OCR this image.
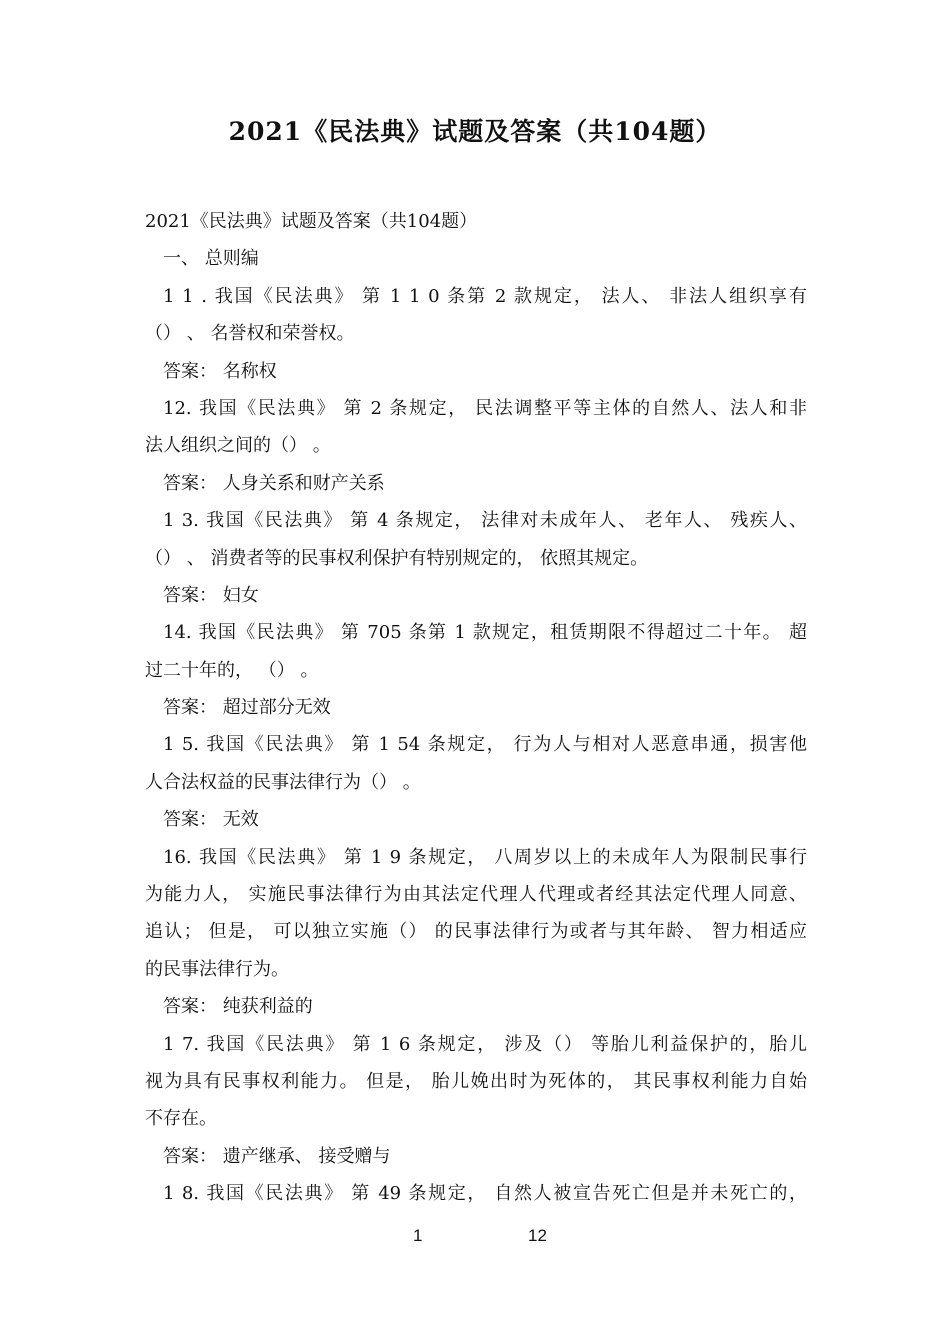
2021《民法典》试题及答案（共104题）
2021《民法典》试题及答案（共104题）
一、 总则编
1 1 . 我国《民法典》 第 1 1 0 条第 2 款规定， 法人、 非法人组织享有
（） 、 名誉权和荣誉权。
答案： 名称权
12. 我国《民法典》 第 2 条规定， 民法调整平等主体的自然人、法人和非
法人组织之间的（） 。
答案： 人身关系和财产关系
1 3. 我国《民法典》 第 4 条规定， 法律对未成年人、 老年人、 残疾人、
（） 、 消费者等的民事权利保护有特别规定的， 依照其规定。
答案： 妇女
14. 我国《民法典》 第 705 条第 1 款规定，租赁期限不得超过二十年。 超
过二十年的， （） 。
答案： 超过部分无效
1 5. 我国《民法典》 第 1 54 条规定， 行为人与相对人恶意串通，损害他
人合法权益的民事法律行为（） 。
答案： 无效
16. 我国《民法典》 第 1 9 条规定， 八周岁以上的未成年人为限制民事行
为能力人， 实施民事法律行为由其法定代理人代理或者经其法定代理人同意、
追认； 但是， 可以独立实施（） 的民事法律行为或者与其年龄、 智力相适应
的民事法律行为。
答案： 纯获利益的
1 7. 我国《民法典》 第 1 6 条规定， 涉及（） 等胎儿利益保护的，胎儿
视为具有民事权利能力。 但是， 胎儿娩出时为死体的， 其民事权利能力自始
不存在。
答案： 遗产继承、 接受赠与
1 8. 我国《民法典》 第 49 条规定， 自然人被宣告死亡但是并未死亡的，
1	12
